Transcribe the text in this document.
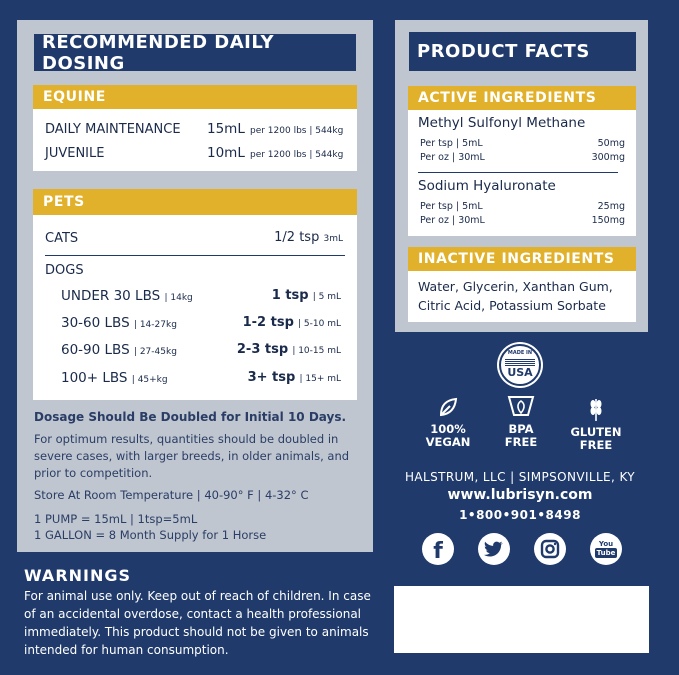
RECOMMENDED DAILY DOSING
EQUINE
DAILY MAINTENANCE	15mL per 1200 lbs | 544kg
JUVENILE	10mL per 1200 lbs | 544kg
PETS
CATS	1/2 tsp 3mL
DOGS
UNDER 30 LBS | 14kg	1 tsp | 5 mL
30-60 LBS | 14-27kg	1-2 tsp | 5-10 mL
60-90 LBS | 27-45kg	2-3 tsp | 10-15 mL
100+ LBS | 45+kg	3+ tsp | 15+ mL
Dosage Should Be Doubled for Initial 10 Days.
For optimum results, quantities should be doubled in severe cases, with larger breeds, in older animals, and prior to competition.
Store At Room Temperature | 40-90° F | 4-32° C
1 PUMP = 15mL | 1tsp=5mL
1 GALLON = 8 Month Supply for 1 Horse
WARNINGS
For animal use only. Keep out of reach of children. In case of an accidental overdose, contact a health professional immediately. This product should not be given to animals intended for human consumption.
PRODUCT FACTS
ACTIVE INGREDIENTS
Methyl Sulfonyl Methane
Per tsp | 5mL	50mg
Per oz | 30mL	300mg
Sodium Hyaluronate
Per tsp | 5mL	25mg
Per oz | 30mL	150mg
INACTIVE INGREDIENTS
Water, Glycerin, Xanthan Gum, Citric Acid, Potassium Sorbate
MADE IN
USA
100%
VEGAN
BPA
FREE
GLUTEN
FREE
HALSTRUM, LLC | SIMPSONVILLE, KY
www.lubrisyn.com
1•800•901•8498
f	You
Tube
